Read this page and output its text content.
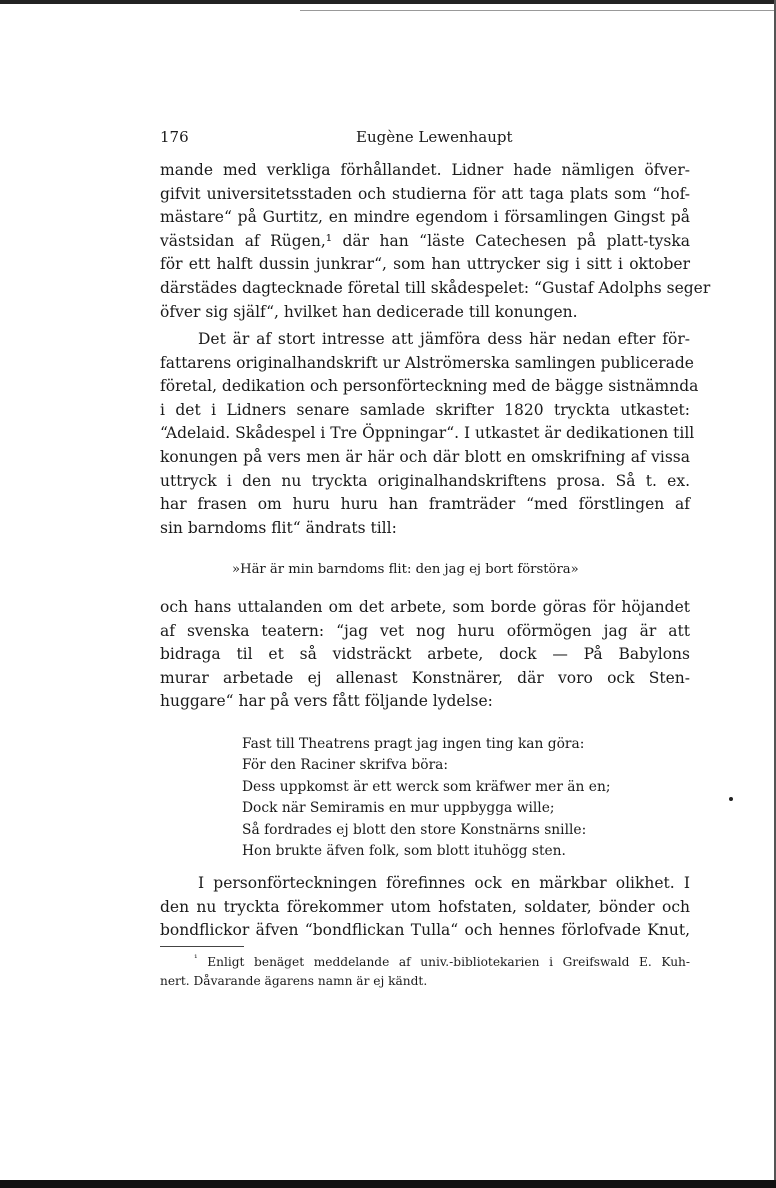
176	Eugène Lewenhaupt
mande med verkliga förhållandet. Lidner hade nämligen öfver-
gifvit universitetsstaden och studierna för att taga plats som “hof-
mästare“ på Gurtitz, en mindre egendom i församlingen Gingst på
västsidan af Rügen,¹ där han “läste Catechesen på platt-tyska
för ett halft dussin junkrar“, som han uttrycker sig i sitt i oktober
därstädes dagtecknade företal till skådespelet: “Gustaf Adolphs seger
öfver sig själf“, hvilket han dedicerade till konungen.
Det är af stort intresse att jämföra dess här nedan efter för-
fattarens originalhandskrift ur Alströmerska samlingen publicerade
företal, dedikation och personförteckning med de bägge sistnämnda
i det i Lidners senare samlade skrifter 1820 tryckta utkastet:
“Adelaid. Skådespel i Tre Öppningar“. I utkastet är dedikationen till
konungen på vers men är här och där blott en omskrifning af vissa
uttryck i den nu tryckta originalhandskriftens prosa. Så t. ex.
har frasen om huru huru han framträder “med förstlingen af
sin barndoms flit“ ändrats till:
»Här är min barndoms flit: den jag ej bort förstöra»
och hans uttalanden om det arbete, som borde göras för höjandet
af svenska teatern: “jag vet nog huru oförmögen jag är att
bidraga til et så vidsträckt arbete, dock — På Babylons
murar arbetade ej allenast Konstnärer, där voro ock Sten-
huggare“ har på vers fått följande lydelse:
Fast till Theatrens pragt jag ingen ting kan göra:
För den Raciner skrifva böra:
Dess uppkomst är ett werck som kräfwer mer än en;
Dock när Semiramis en mur uppbygga wille;
Så fordrades ej blott den store Konstnärns snille:
Hon brukte äfven folk, som blott ituhögg sten.
I personförteckningen förefinnes ock en märkbar olikhet. I
den nu tryckta förekommer utom hofstaten, soldater, bönder och
bondflickor äfven “bondflickan Tulla“ och hennes förlofvade Knut,
$^{^1}$ Enligt benäget meddelande af univ.-bibliotekarien i Greifswald E. Kuh-
nert. Dåvarande ägarens namn är ej kändt.
